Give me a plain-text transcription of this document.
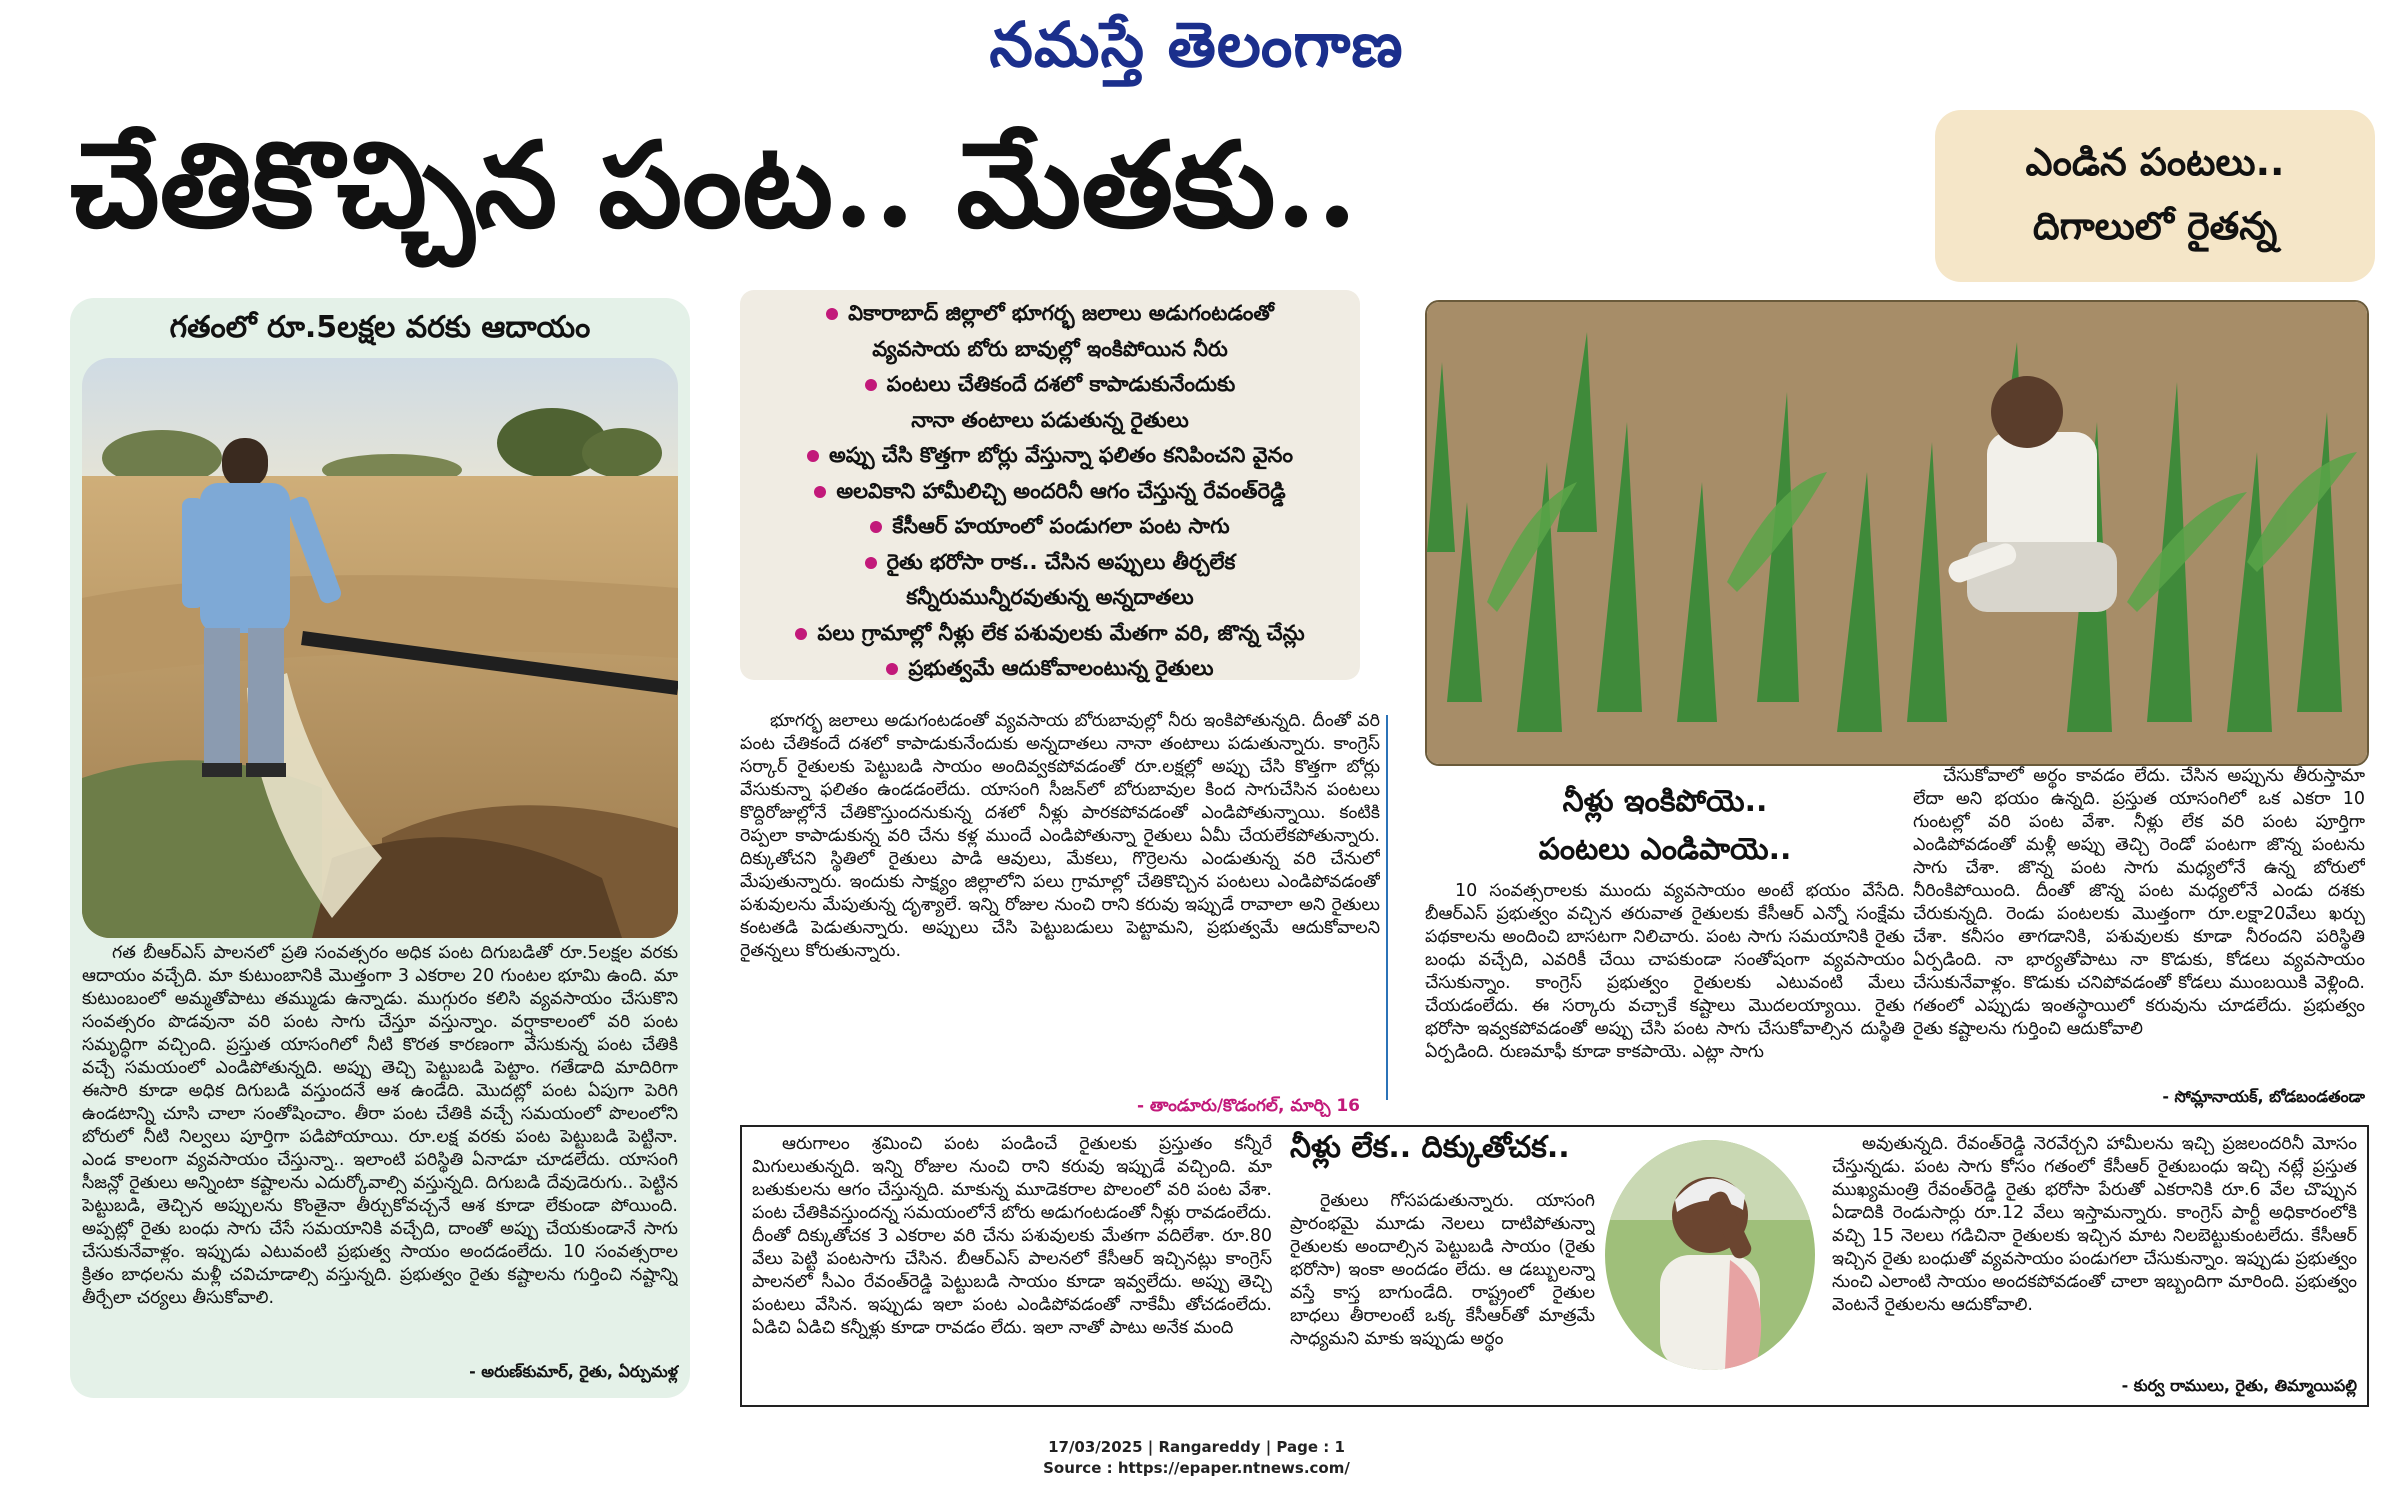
నమస్తే తెలంగాణ
చేతికొచ్చిన పంట.. మేతకు..	ఎండిన పంటలు..
దిగాలులో రైతన్న
గతంలో రూ.5లక్షల వరకు ఆదాయం

గత బీఆర్ఎస్ పాలనలో ప్రతి సంవత్సరం అధిక పంట దిగుబడితో రూ.5లక్షల వరకు ఆదాయం వచ్చేది. మా కుటుంబానికి మొత్తంగా 3 ఎకరాల 20 గుంటల భూమి ఉంది. మా కుటుంబంలో అమ్మతోపాటు తమ్ముడు ఉన్నాడు. ముగ్గురం కలిసి వ్యవసాయం చేసుకొని సంవత్సరం పొడవునా వరి పంట సాగు చేస్తూ వస్తున్నాం. వర్షాకాలంలో వరి పంట సమృద్ధిగా వచ్చింది. ప్రస్తుత యాసంగిలో నీటి కొరత కారణంగా వేసుకున్న పంట చేతికి వచ్చే సమయంలో ఎండిపోతున్నది. అప్పు తెచ్చి పెట్టుబడి పెట్టాం. గతేడాది మాదిరిగా ఈసారి కూడా అధిక దిగుబడి వస్తుందనే ఆశ ఉండేది. మొదట్లో పంట ఏపుగా పెరిగి ఉండటాన్ని చూసి చాలా సంతోషించాం. తీరా పంట చేతికి వచ్చే సమయంలో పొలంలోని బోరులో నీటి నిల్వలు పూర్తిగా పడిపోయాయి. రూ.లక్ష వరకు పంట పెట్టుబడి పెట్టినా. ఎండ కాలంగా వ్యవసాయం చేస్తున్నా.. ఇలాంటి పరిస్థితి ఏనాడూ చూడలేదు. యాసంగి సీజన్లో రైతులు అన్నింటా కష్టాలను ఎదుర్కోవాల్సి వస్తున్నది. దిగుబడి దేవుడెరుగు.. పెట్టిన పెట్టుబడి, తెచ్చిన అప్పులను కొంతైనా తీర్చుకోవచ్చనే ఆశ కూడా లేకుండా పోయింది. అప్పట్లో రైతు బంధు సాగు చేసే సమయానికి వచ్చేది, దాంతో అప్పు చేయకుండానే సాగు చేసుకునేవాళ్లం. ఇప్పుడు ఎటువంటి ప్రభుత్వ సాయం అందడంలేదు. 10 సంవత్సరాల క్రితం బాధలను మళ్లీ చవిచూడాల్సి వస్తున్నది. ప్రభుత్వం రైతు కష్టాలను గుర్తించి నష్టాన్ని తీర్చేలా చర్యలు తీసుకోవాలి.

- అరుణ్‌కుమార్, రైతు, ఏర్పుమళ్ల
వికారాబాద్ జిల్లాలో భూగర్భ జలాలు అడుగంటడంతో
వ్యవసాయ బోరు బావుల్లో ఇంకిపోయిన నీరు
పంటలు చేతికందే దశలో కాపాడుకునేందుకు
నానా తంటాలు పడుతున్న రైతులు
అప్పు చేసి కొత్తగా బోర్లు వేస్తున్నా ఫలితం కనిపించని వైనం
అలవికాని హామీలిచ్చి అందరినీ ఆగం చేస్తున్న రేవంత్‌రెడ్డి
కేసీఆర్ హయాంలో పండుగలా పంట సాగు
రైతు భరోసా రాక.. చేసిన అప్పులు తీర్చలేక
కన్నీరుమున్నీరవుతున్న అన్నదాతలు
పలు గ్రామాల్లో నీళ్లు లేక పశువులకు మేతగా వరి, జొన్న చేన్లు
ప్రభుత్వమే ఆదుకోవాలంటున్న రైతులు

భూగర్భ జలాలు అడుగంటడంతో వ్యవసాయ బోరుబావుల్లో నీరు ఇంకిపోతున్నది. దీంతో వరి పంట చేతికందే దశలో కాపాడుకునేందుకు అన్నదాతలు నానా తంటాలు పడుతున్నారు. కాంగ్రెస్ సర్కార్ రైతులకు పెట్టుబడి సాయం అందివ్వకపోవడంతో రూ.లక్షల్లో అప్పు చేసి కొత్తగా బోర్లు వేసుకున్నా ఫలితం ఉండడంలేదు. యాసంగి సీజన్‌లో బోరుబావుల కింద సాగుచేసిన పంటలు కొద్దిరోజుల్లోనే చేతికొస్తుందనుకున్న దశలో నీళ్లు పారకపోవడంతో ఎండిపోతున్నాయి. కంటికి రెప్పలా కాపాడుకున్న వరి చేను కళ్ల ముందే ఎండిపోతున్నా రైతులు ఏమీ చేయలేకపోతున్నారు. దిక్కుతోచని స్థితిలో రైతులు పాడి ఆవులు, మేకలు, గొర్రెలను ఎండుతున్న వరి చేనులో మేపుతున్నారు. ఇందుకు సాక్ష్యం జిల్లాలోని పలు గ్రామాల్లో చేతికొచ్చిన పంటలు ఎండిపోవడంతో పశువులను మేపుతున్న దృశ్యాలే. ఇన్ని రోజుల నుంచి రాని కరువు ఇప్పుడే రావాలా అని రైతులు కంటతడి పెడుతున్నారు. అప్పులు చేసి పెట్టుబడులు పెట్టామని, ప్రభుత్వమే ఆదుకోవాలని రైతన్నలు కోరుతున్నారు.

- తాండూరు/కొడంగల్, మార్చి 16
నీళ్లు ఇంకిపోయె..
పంటలు ఎండిపాయె..

10 సంవత్సరాలకు ముందు వ్యవసాయం అంటే భయం వేసేది. బీఆర్ఎస్ ప్రభుత్వం వచ్చిన తరువాత రైతులకు కేసీఆర్ ఎన్నో సంక్షేమ పథకాలను అందించి బాసటగా నిలిచారు. పంట సాగు సమయానికి రైతు బంధు వచ్చేది, ఎవరికీ చేయి చాపకుండా సంతోషంగా వ్యవసాయం చేసుకున్నాం. కాంగ్రెస్ ప్రభుత్వం రైతులకు ఎటువంటి మేలు చేయడంలేదు. ఈ సర్కారు వచ్చాకే కష్టాలు మొదలయ్యాయి. రైతు భరోసా ఇవ్వకపోవడంతో అప్పు చేసి పంట సాగు చేసుకోవాల్సిన దుస్థితి ఏర్పడింది. రుణమాఫీ కూడా కాకపాయె. ఎట్లా సాగు

చేసుకోవాలో అర్థం కావడం లేదు. చేసిన అప్పును తీరుస్తామా లేదా అని భయం ఉన్నది. ప్రస్తుత యాసంగిలో ఒక ఎకరా 10 గుంటల్లో వరి పంట వేశా. నీళ్లు లేక వరి పంట పూర్తిగా ఎండిపోవడంతో మళ్లీ అప్పు తెచ్చి రెండో పంటగా జొన్న పంటను సాగు చేశా. జొన్న పంట సాగు మధ్యలోనే ఉన్న బోరులో నీరింకిపోయింది. దీంతో జొన్న పంట మధ్యలోనే ఎండు దశకు చేరుకున్నది. రెండు పంటలకు మొత్తంగా రూ.లక్షా20వేలు ఖర్చు చేశా. కనీసం తాగడానికి, పశువులకు కూడా నీరందని పరిస్థితి ఏర్పడింది. నా భార్యతోపాటు నా కొడుకు, కోడలు వ్యవసాయం చేసుకునేవాళ్లం. కొడుకు చనిపోవడంతో కోడలు ముంబయికి వెళ్లింది. గతంలో ఎప్పుడు ఇంతస్థాయిలో కరువును చూడలేదు. ప్రభుత్వం రైతు కష్టాలను గుర్తించి ఆదుకోవాలి

- సోమ్లానాయక్, బోడబండతండా

ఆరుగాలం శ్రమించి పంట పండించే రైతులకు ప్రస్తుతం కన్నీరే మిగులుతున్నది. ఇన్ని రోజుల నుంచి రాని కరువు ఇప్పుడే వచ్చింది. మా బతుకులను ఆగం చేస్తున్నది. మాకున్న మూడెకరాల పొలంలో వరి పంట వేశా. పంట చేతికివస్తుందన్న సమయంలోనే బోరు అడుగంటడంతో నీళ్లు రావడంలేదు. దీంతో దిక్కుతోచక 3 ఎకరాల వరి చేను పశువులకు మేతగా వదిలేశా. రూ.80 వేలు పెట్టి పంటసాగు చేసిన. బీఆర్ఎస్ పాలనలో కేసీఆర్ ఇచ్చినట్లు కాంగ్రెస్ పాలనలో సీఎం రేవంత్‌రెడ్డి పెట్టుబడి సాయం కూడా ఇవ్వలేదు. అప్పు తెచ్చి పంటలు వేసిన. ఇప్పుడు ఇలా పంట ఎండిపోవడంతో నాకేమీ తోచడంలేదు. ఏడిచి ఏడిచి కన్నీళ్లు కూడా రావడం లేదు. ఇలా నాతో పాటు అనేక మంది

నీళ్లు లేక.. దిక్కుతోచక..

రైతులు గోసపడుతున్నారు. యాసంగి ప్రారంభమై మూడు నెలలు దాటిపోతున్నా రైతులకు అందాల్సిన పెట్టుబడి సాయం (రైతు భరోసా) ఇంకా అందడం లేదు. ఆ డబ్బులన్నా వస్తే కాస్త బాగుండేది. రాష్ట్రంలో రైతుల బాధలు తీరాలంటే ఒక్క కేసీఆర్‌తో మాత్రమే సాధ్యమని మాకు ఇప్పుడు అర్థం

అవుతున్నది. రేవంత్‌రెడ్డి నెరవేర్చని హామీలను ఇచ్చి ప్రజలందరినీ మోసం చేస్తున్నడు. పంట సాగు కోసం గతంలో కేసీఆర్ రైతుబంధు ఇచ్చి నట్లే ప్రస్తుత ముఖ్యమంత్రి రేవంత్‌రెడ్డి రైతు భరోసా పేరుతో ఎకరానికి రూ.6 వేల చొప్పున ఏడాదికి రెండుసార్లు రూ.12 వేలు ఇస్తామన్నారు. కాంగ్రెస్ పార్టీ అధికారంలోకి వచ్చి 15 నెలలు గడిచినా రైతులకు ఇచ్చిన మాట నిలబెట్టుకుంటలేదు. కేసీఆర్ ఇచ్చిన రైతు బంధుతో వ్యవసాయం పండుగలా చేసుకున్నాం. ఇప్పుడు ప్రభుత్వం నుంచి ఎలాంటి సాయం అందకపోవడంతో చాలా ఇబ్బందిగా మారింది. ప్రభుత్వం వెంటనే రైతులను ఆదుకోవాలి.

- కుర్వ రాములు, రైతు, తిమ్మాయిపల్లి
17/03/2025 | Rangareddy | Page : 1
Source : https://epaper.ntnews.com/
